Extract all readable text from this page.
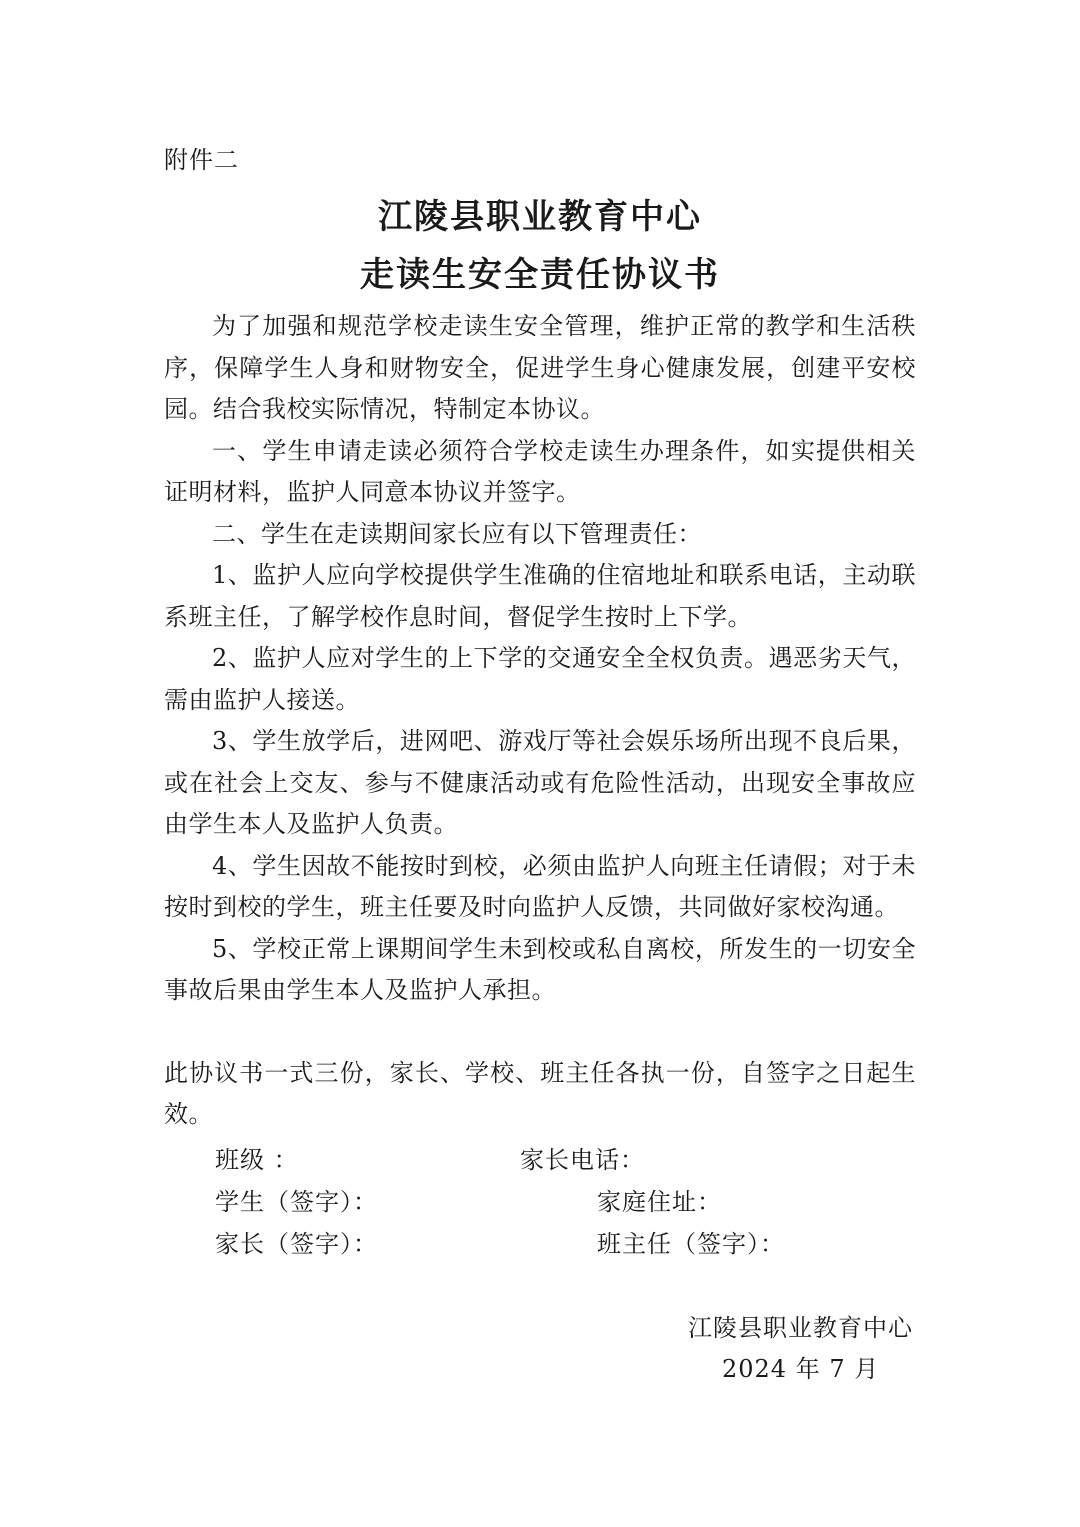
附件二
江陵县职业教育中心
走读生安全责任协议书

为了加强和规范学校走读生安全管理，维护正常的教学和生活秩序，保障学生人身和财物安全，促进学生身心健康发展，创建平安校园。结合我校实际情况，特制定本协议。

一、学生申请走读必须符合学校走读生办理条件，如实提供相关证明材料，监护人同意本协议并签字。

二、学生在走读期间家长应有以下管理责任：

1、监护人应向学校提供学生准确的住宿地址和联系电话，主动联系班主任，了解学校作息时间，督促学生按时上下学。

2、监护人应对学生的上下学的交通安全全权负责。遇恶劣天气，需由监护人接送。

3、学生放学后，进网吧、游戏厅等社会娱乐场所出现不良后果，或在社会上交友、参与不健康活动或有危险性活动，出现安全事故应由学生本人及监护人负责。

4、学生因故不能按时到校，必须由监护人向班主任请假；对于未按时到校的学生，班主任要及时向监护人反馈，共同做好家校沟通。

5、学校正常上课期间学生未到校或私自离校，所发生的一切安全事故后果由学生本人及监护人承担。

此协议书一式三份，家长、学校、班主任各执一份，自签字之日起生效。

班级 ：	家长电话：
学生（签字）：	家庭住址：
家长（签字）：	班主任（签字）：
江陵县职业教育中心
2024 年 7 月
